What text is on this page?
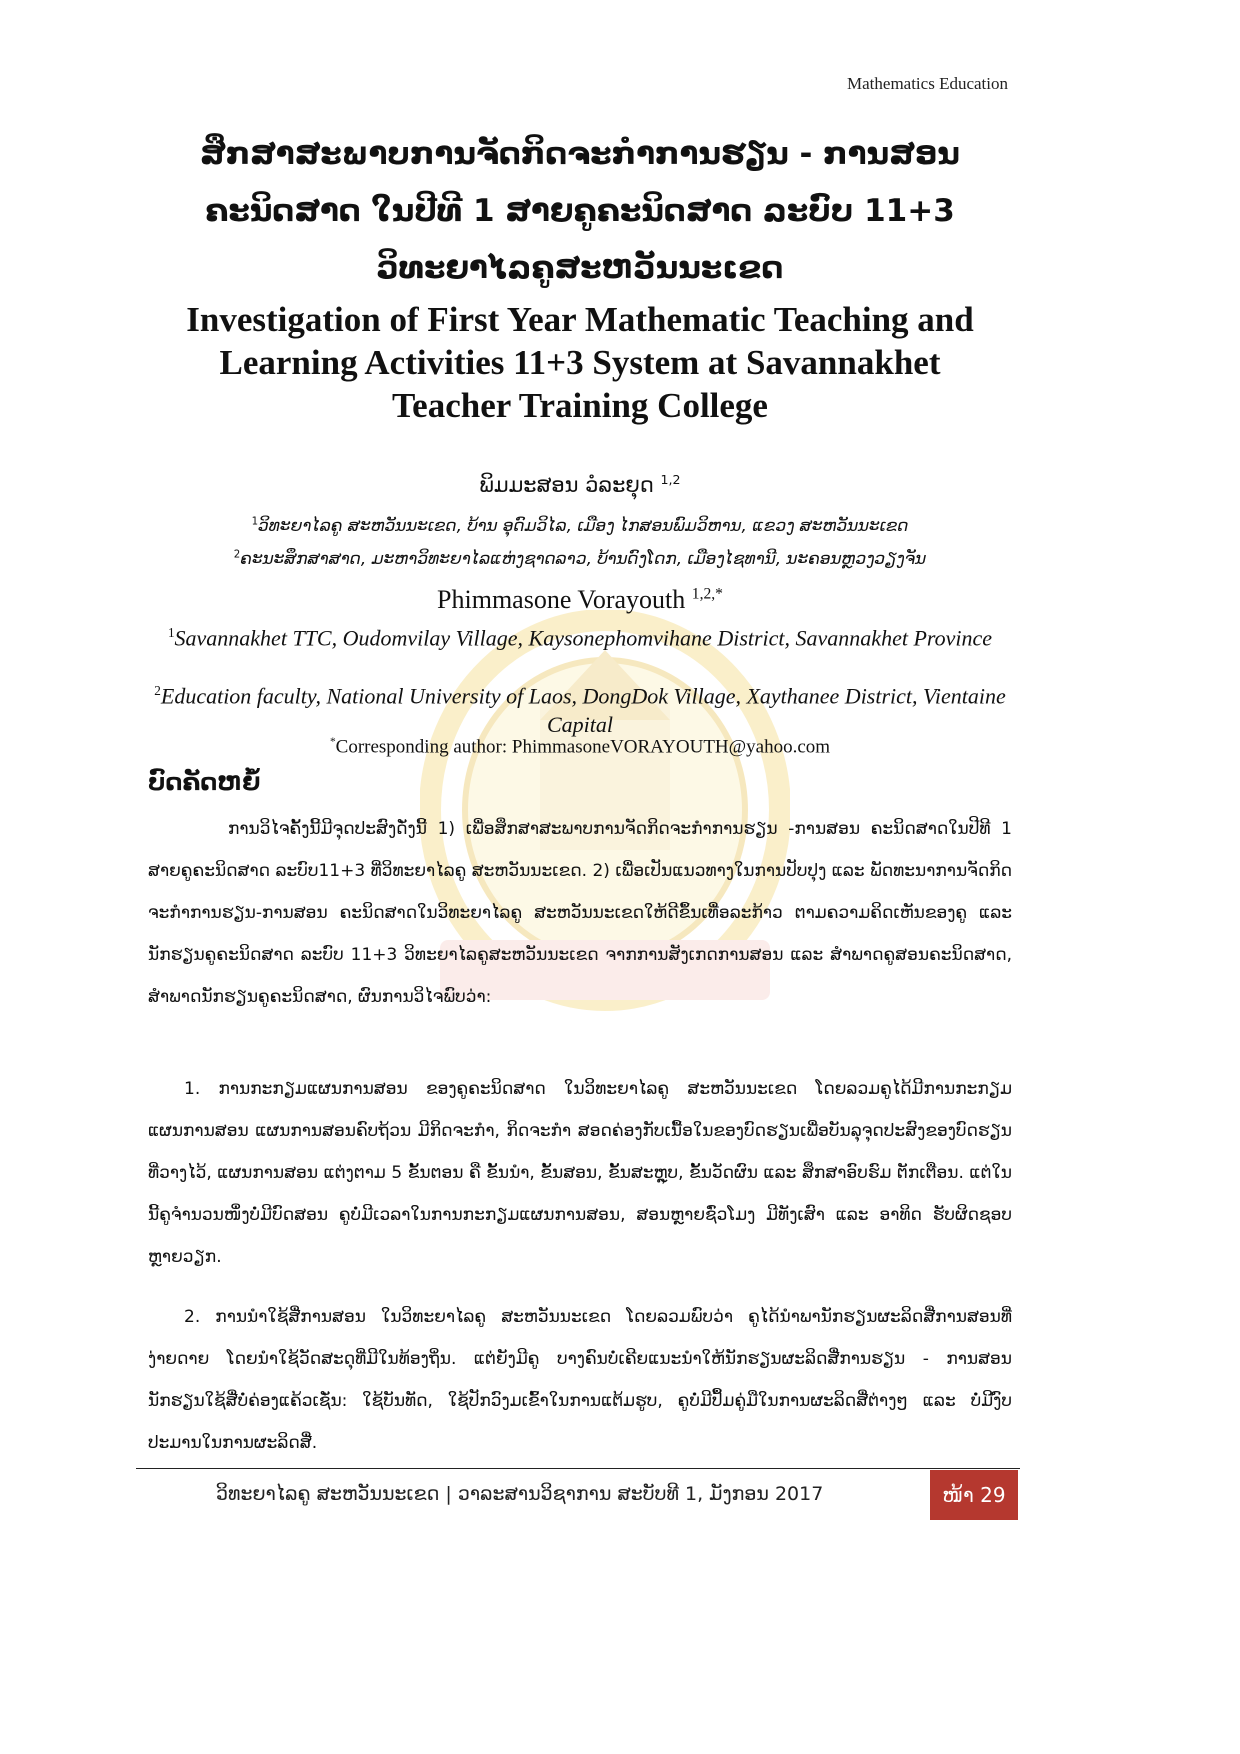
Mathematics Education
ສຶກສາສະພາບການຈັດກິດຈະກໍາການຮຽນ - ການສອນ
ຄະນິດສາດ ໃນປີທີ 1 ສາຍຄູຄະນິດສາດ ລະບົບ 11+3
ວິທະຍາໄລຄູສະຫວັນນະເຂດ
Investigation of First Year Mathematic Teaching and
Learning Activities 11+3 System at Savannakhet
Teacher Training College
ພິມມະສອນ ວໍລະຍຸດ $^{1,2}$
$^1$ວິທະຍາໄລຄູ ສະຫວັນນະເຂດ, ບ້ານ ອຸດົມວິໄລ, ເມືອງ ໄກສອນພົມວິຫານ, ແຂວງ ສະຫວັນນະເຂດ
$^2$ຄະນະສຶກສາສາດ, ມະຫາວິທະຍາໄລແຫ່ງຊາດລາວ, ບ້ານດົງໂດກ, ເມືອງໄຊທານີ, ນະຄອນຫຼວງວຽງຈັນ
Phimmasone Vorayouth $^{1,2,*}$
$^1$Savannakhet TTC, Oudomvilay Village, Kaysonephomvihane District, Savannakhet Province
$^2$Education faculty, National University of Laos, DongDok Village, Xaythanee District, Vientaine Capital
*Corresponding author: PhimmasoneVORAYOUTH@yahoo.com
ບົດຄັດຫຍໍ້
ການວິໄຈຄັ້ງນີ້ມີຈຸດປະສົງດັ່ງນີ້ 1) ເພື່ອສຶກສາສະພາບການຈັດກິດຈະກໍາການຮຽນ -ການສອນ ຄະນິດສາດໃນປີທີ 1 ສາຍຄູຄະນິດສາດ ລະບົບ11+3 ທີ່ວິທະຍາໄລຄູ ສະຫວັນນະເຂດ. 2) ເພື່ອເປັນແນວທາງໃນການປັບປຸງ ແລະ ພັດທະນາການຈັດກິດຈະກໍາການຮຽນ-ການສອນ ຄະນິດສາດໃນວິທະຍາໄລຄູ ສະຫວັນນະເຂດໃຫ້ດີຂຶ້ນເທື່ອລະກ້າວ ຕາມຄວາມຄິດເຫັນຂອງຄູ ແລະ ນັກຮຽນຄູຄະນິດສາດ ລະບົບ 11+3 ວິທະຍາໄລຄູສະຫວັນນະເຂດ ຈາກການສັງເກດການສອນ ແລະ ສໍາພາດຄູສອນຄະນິດສາດ, ສໍາພາດນັກຮຽນຄູຄະນິດສາດ, ຜົນການວິໄຈພົບວ່າ:
1. ການກະກຽມແຜນການສອນ ຂອງຄູຄະນິດສາດ ໃນວິທະຍາໄລຄູ ສະຫວັນນະເຂດ ໂດຍລວມຄູໄດ້ມີການກະກຽມແຜນການສອນ ແຜນການສອນຄົບຖ້ວນ ມີກິດຈະກໍາ, ກິດຈະກໍາ ສອດຄ່ອງກັບເນື້ອໃນຂອງບົດຮຽນເພື່ອບັນລຸຈຸດປະສົງຂອງບົດຮຽນທີ່ວາງໄວ້, ແຜນການສອນ ແຕ່ງຕາມ 5 ຂັ້ນຕອນ ຄື ຂັ້ນນໍາ, ຂັ້ນສອນ, ຂັ້ນສະຫຼຸບ, ຂັ້ນວັດຜົນ ແລະ ສຶກສາອົບຮົມ ຕັກເຕືອນ. ແຕ່ໃນນີ້ຄູຈໍານວນໜຶ່ງບໍ່ມີບົດສອນ ຄູບໍ່ມີເວລາໃນການກະກຽມແຜນການສອນ, ສອນຫຼາຍຊົ່ວໂມງ ມີທັງເສົາ ແລະ ອາທິດ ຮັບຜິດຊອບຫຼາຍວຽກ.
2. ການນໍາໃຊ້ສື່ການສອນ ໃນວິທະຍາໄລຄູ ສະຫວັນນະເຂດ ໂດຍລວມພົບວ່າ ຄູໄດ້ນໍາພານັກຮຽນຜະລິດສື່ການສອນທີ່ງ່າຍດາຍ ໂດຍນໍາໃຊ້ວັດສະດຸທີ່ມີໃນທ້ອງຖິ່ນ. ແຕ່ຍັງມີຄູ ບາງຄົນບໍ່ເຄີຍແນະນໍາໃຫ້ນັກຮຽນຜະລິດສື່ການຮຽນ - ການສອນ ນັກຮຽນໃຊ້ສື່ບໍ່ຄ່ອງແຄ້ວເຊັ່ນ: ໃຊ້ບັນທັດ, ໃຊ້ປັກວົງມເຂົ້າໃນການແຕ້ມຮູບ, ຄູບໍ່ມີປຶ້ມຄູ່ມືໃນການຜະລິດສື່ຕ່າງໆ ແລະ ບໍ່ມີງົບປະມານໃນການຜະລິດສື່.
ວິທະຍາໄລຄູ ສະຫວັນນະເຂດ | ວາລະສານວິຊາການ ສະບັບທີ 1, ມັງກອນ 2017	ໜ້າ 29
